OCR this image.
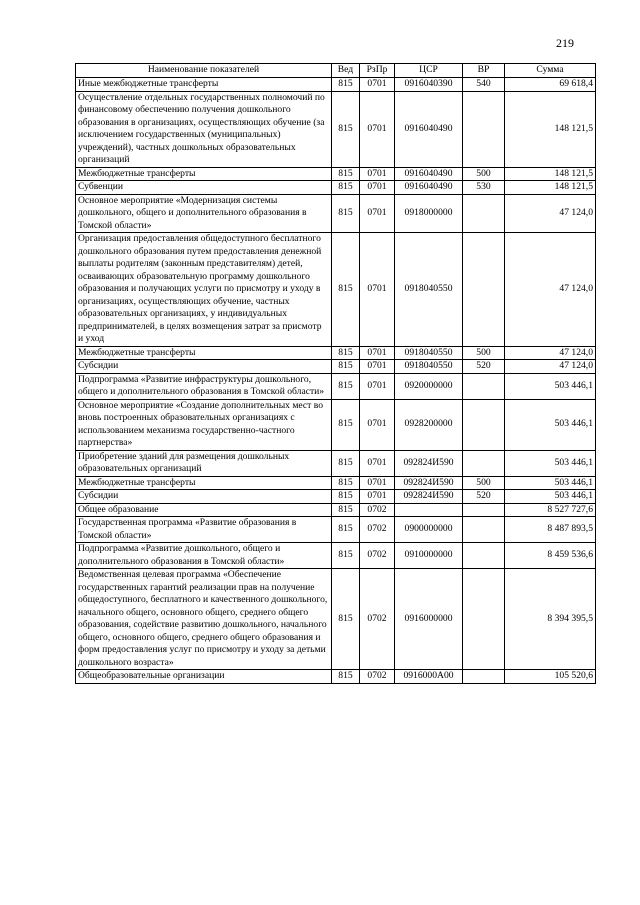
219
Наименование показателей	Вед	РзПр	ЦСР	ВР	Сумма
Иные межбюджетные трансферты	815	0701	0916040390	540	69 618,4
Осуществление отдельных государственных полномочий по финансовому обеспечению получения дошкольного образования в организациях, осуществляющих обучение (за исключением государственных (муниципальных) учреждений), частных дошкольных образовательных организаций	815	0701	0916040490		148 121,5
Межбюджетные трансферты	815	0701	0916040490	500	148 121,5
Субвенции	815	0701	0916040490	530	148 121,5
Основное мероприятие «Модернизация системы дошкольного, общего и дополнительного образования в Томской области»	815	0701	0918000000		47 124,0
Организация предоставления общедоступного бесплатного дошкольного образования путем предоставления денежной выплаты родителям (законным представителям) детей, осваивающих образовательную программу дошкольного образования и получающих услуги по присмотру и уходу в организациях, осуществляющих обучение, частных образовательных организациях, у индивидуальных предпринимателей, в целях возмещения затрат за присмотр и уход	815	0701	0918040550		47 124,0
Межбюджетные трансферты	815	0701	0918040550	500	47 124,0
Субсидии	815	0701	0918040550	520	47 124,0
Подпрограмма «Развитие инфраструктуры дошкольного, общего и дополнительного образования в Томской области»	815	0701	0920000000		503 446,1
Основное мероприятие «Создание дополнительных мест во вновь построенных образовательных организациях с использованием механизма государственно-частного партнерства»	815	0701	0928200000		503 446,1
Приобретение зданий для размещения дошкольных образовательных организаций	815	0701	092824И590		503 446,1
Межбюджетные трансферты	815	0701	092824И590	500	503 446,1
Субсидии	815	0701	092824И590	520	503 446,1
Общее образование	815	0702			8 527 727,6
Государственная программа «Развитие образования в Томской области»	815	0702	0900000000		8 487 893,5
Подпрограмма «Развитие дошкольного, общего и дополнительного образования в Томской области»	815	0702	0910000000		8 459 536,6
Ведомственная целевая программа «Обеспечение государственных гарантий реализации прав на получение общедоступного, бесплатного и качественного дошкольного, начального общего, основного общего, среднего общего образования, содействие развитию дошкольного, начального общего, основного общего, среднего общего образования и форм предоставления услуг по присмотру и уходу за детьми дошкольного возраста»	815	0702	0916000000		8 394 395,5
Общеобразовательные организации	815	0702	0916000А00		105 520,6
